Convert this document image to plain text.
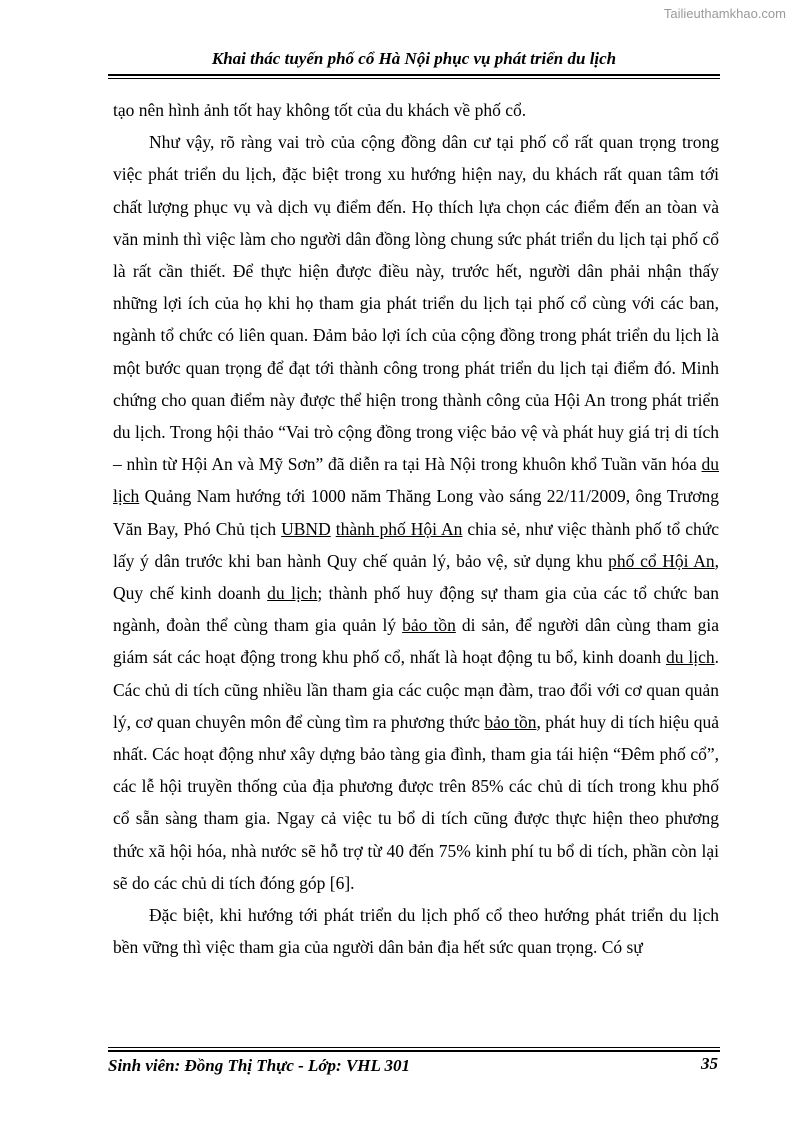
Tailieuthamkhao.com
Khai thác tuyến phố cổ Hà Nội phục vụ phát triển du lịch

tạo nên hình ảnh tốt hay không tốt của du khách về phố cổ.

Như vậy, rõ ràng vai trò của cộng đồng dân cư tại phố cổ rất quan trọng trong việc phát triển du lịch, đặc biệt trong xu hướng hiện nay, du khách rất quan tâm tới chất lượng phục vụ và dịch vụ điểm đến. Họ thích lựa chọn các điểm đến an tòan và văn minh thì việc làm cho người dân đồng lòng chung sức phát triển du lịch tại phố cổ là rất cần thiết. Để thực hiện được điều này, trước hết, người dân phải nhận thấy những lợi ích của họ khi họ tham gia phát triển du lịch tại phố cổ cùng với các ban, ngành tổ chức có liên quan. Đảm bảo lợi ích của cộng đồng trong phát triển du lịch là một bước quan trọng để đạt tới thành công trong phát triển du lịch tại điểm đó. Minh chứng cho quan điểm này được thể hiện trong thành công của Hội An trong phát triển du lịch. Trong hội thảo “Vai trò cộng đồng trong việc bảo vệ và phát huy giá trị di tích – nhìn từ Hội An và Mỹ Sơn” đã diễn ra tại Hà Nội trong khuôn khổ Tuần văn hóa du lịch Quảng Nam hướng tới 1000 năm Thăng Long vào sáng 22/11/2009, ông Trương Văn Bay, Phó Chủ tịch UBND thành phố Hội An chia sẻ, như việc thành phố tổ chức lấy ý dân trước khi ban hành Quy chế quản lý, bảo vệ, sử dụng khu phố cổ Hội An, Quy chế kinh doanh du lịch; thành phố huy động sự tham gia của các tổ chức ban ngành, đoàn thể cùng tham gia quản lý bảo tồn di sản, để người dân cùng tham gia giám sát các hoạt động trong khu phố cổ, nhất là hoạt động tu bổ, kinh doanh du lịch. Các chủ di tích cũng nhiều lần tham gia các cuộc mạn đàm, trao đổi với cơ quan quản lý, cơ quan chuyên môn để cùng tìm ra phương thức bảo tồn, phát huy di tích hiệu quả nhất. Các hoạt động như xây dựng bảo tàng gia đình, tham gia tái hiện “Đêm phố cổ”, các lễ hội truyền thống của địa phương được trên 85% các chủ di tích trong khu phố cổ sẵn sàng tham gia. Ngay cả việc tu bổ di tích cũng được thực hiện theo phương thức xã hội hóa, nhà nước sẽ hỗ trợ từ 40 đến 75% kinh phí tu bổ di tích, phần còn lại sẽ do các chủ di tích đóng góp [6].

Đặc biệt, khi hướng tới phát triển du lịch phố cổ theo hướng phát triển du lịch bền vững thì việc tham gia của người dân bản địa hết sức quan trọng. Có sự

Sinh viên: Đồng Thị Thực - Lớp: VHL 301	35
